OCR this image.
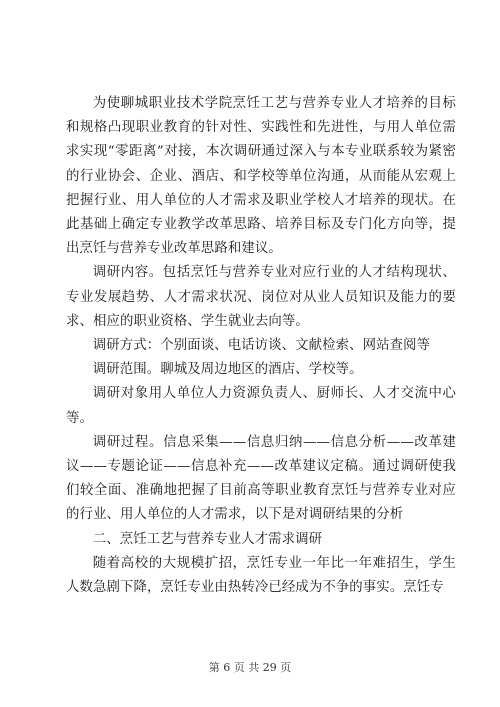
为使聊城职业技术学院烹饪工艺与营养专业人才培养的目标和规格凸现职业教育的针对性、实践性和先进性，与用人单位需求实现“零距离”对接，本次调研通过深入与本专业联系较为紧密的行业协会、企业、酒店、和学校等单位沟通，从而能从宏观上把握行业、用人单位的人才需求及职业学校人才培养的现状。在此基础上确定专业教学改革思路、培养目标及专门化方向等，提出烹饪与营养专业改革思路和建议。

调研内容。包括烹饪与营养专业对应行业的人才结构现状、专业发展趋势、人才需求状况、岗位对从业人员知识及能力的要求、相应的职业资格、学生就业去向等。

调研方式：个别面谈、电话访谈、文献检索、网站查阅等

调研范围。聊城及周边地区的酒店、学校等。

调研对象用人单位人力资源负责人、厨师长、人才交流中心等。

调研过程。信息采集——信息归纳——信息分析——改革建议——专题论证——信息补充——改革建议定稿。通过调研使我们较全面、准确地把握了目前高等职业教育烹饪与营养专业对应的行业、用人单位的人才需求，以下是对调研结果的分析

二、烹饪工艺与营养专业人才需求调研

随着高校的大规模扩招，烹饪专业一年比一年难招生，学生人数急剧下降，烹饪专业由热转冷已经成为不争的事实。烹饪专

第 6 页 共 29 页
